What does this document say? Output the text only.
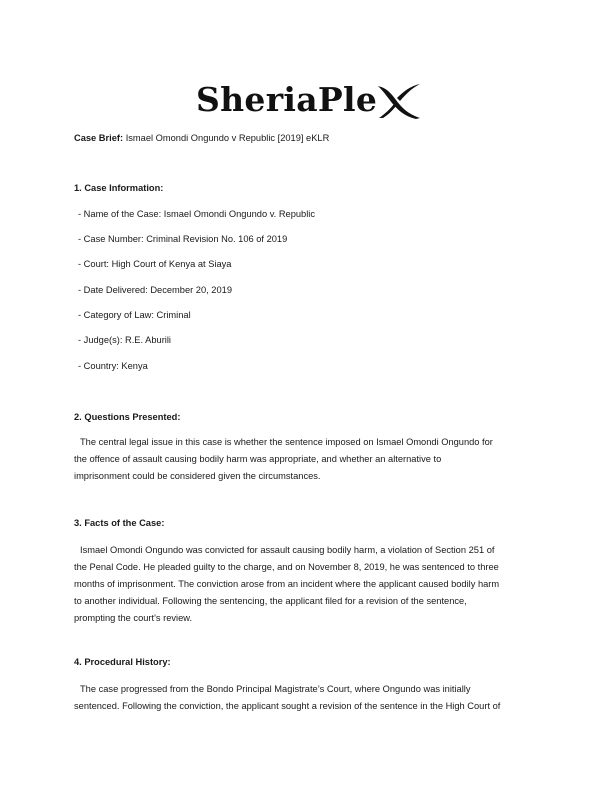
SheriaPle
Case Brief: Ismael Omondi Ongundo v Republic [2019] eKLR
1. Case Information:
- Name of the Case: Ismael Omondi Ongundo v. Republic
- Case Number: Criminal Revision No. 106 of 2019
- Court: High Court of Kenya at Siaya
- Date Delivered: December 20, 2019
- Category of Law: Criminal
- Judge(s): R.E. Aburili
- Country: Kenya
2. Questions Presented:
The central legal issue in this case is whether the sentence imposed on Ismael Omondi Ongundo for
the offence of assault causing bodily harm was appropriate, and whether an alternative to
imprisonment could be considered given the circumstances.
3. Facts of the Case:
Ismael Omondi Ongundo was convicted for assault causing bodily harm, a violation of Section 251 of
the Penal Code. He pleaded guilty to the charge, and on November 8, 2019, he was sentenced to three
months of imprisonment. The conviction arose from an incident where the applicant caused bodily harm
to another individual. Following the sentencing, the applicant filed for a revision of the sentence,
prompting the court's review.
4. Procedural History:
The case progressed from the Bondo Principal Magistrate’s Court, where Ongundo was initially
sentenced. Following the conviction, the applicant sought a revision of the sentence in the High Court of
